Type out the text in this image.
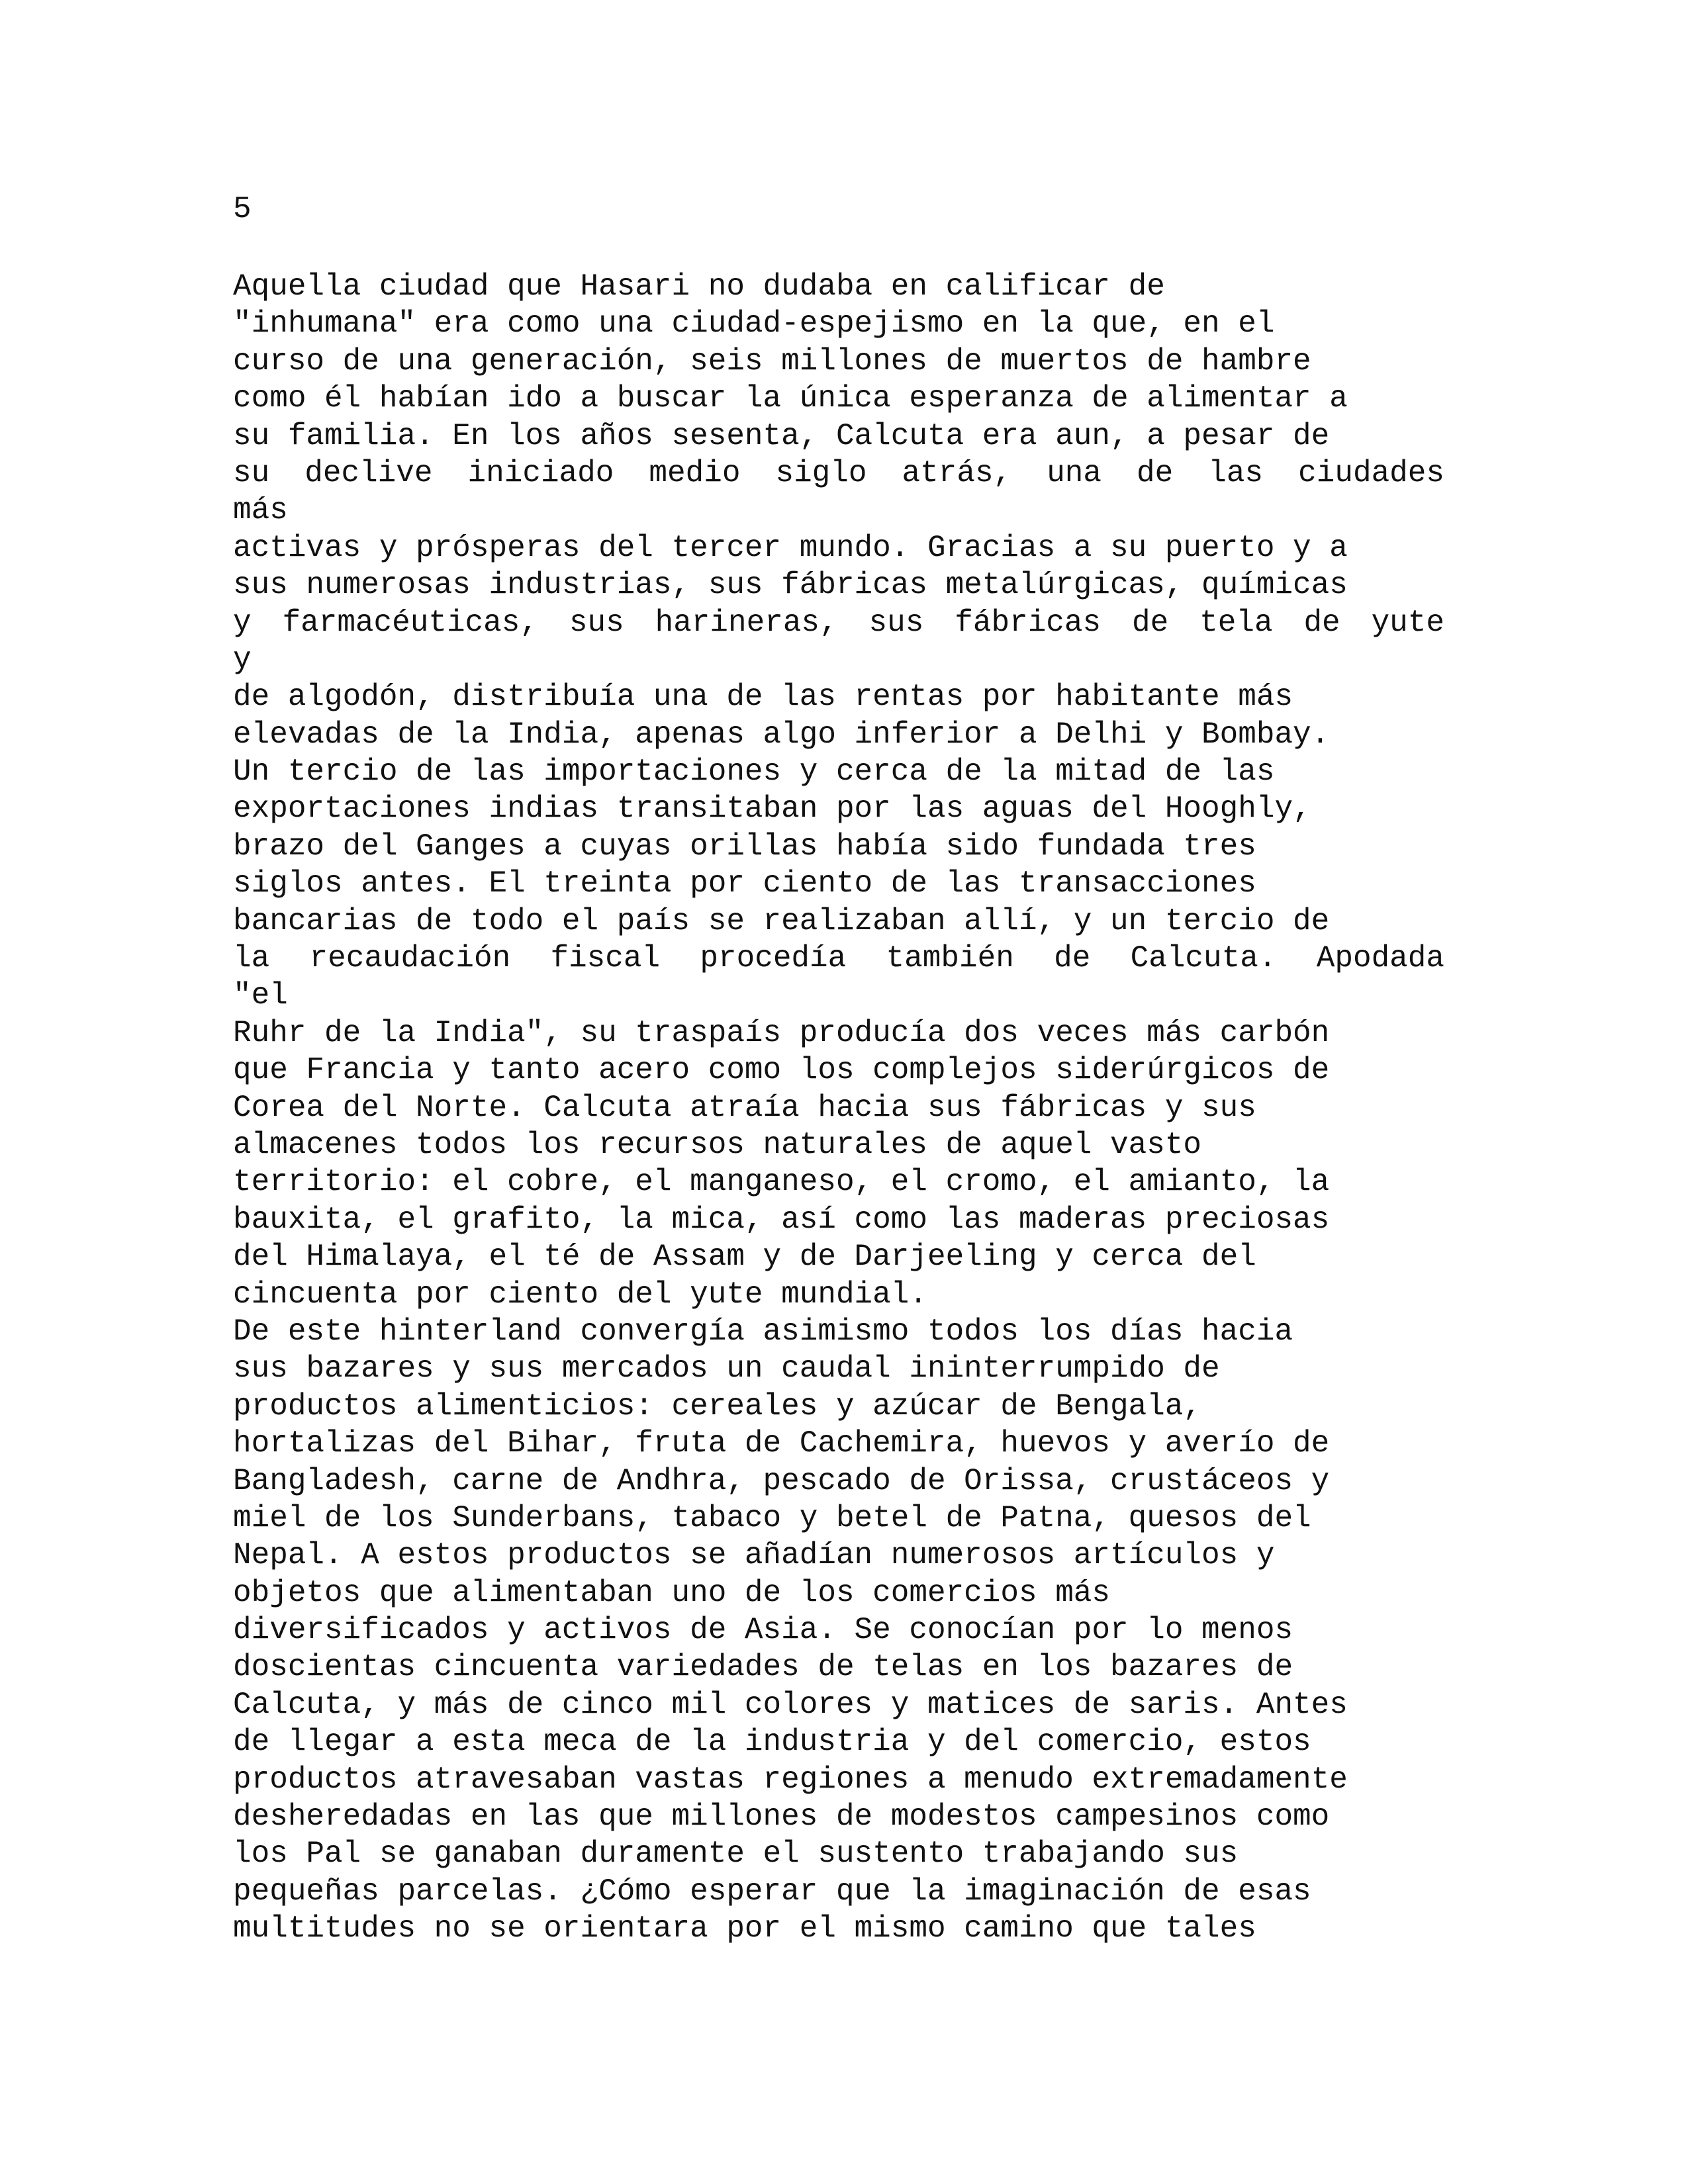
5
Aquella ciudad que Hasari no dudaba en calificar de
"inhumana" era como una ciudad-espejismo en la que, en el
curso de una generación, seis millones de muertos de hambre
como él habían ido a buscar la única esperanza de alimentar a
su familia. En los años sesenta, Calcuta era aun, a pesar de
su declive iniciado medio siglo atrás, una de las ciudades
más
activas y prósperas del tercer mundo. Gracias a su puerto y a
sus numerosas industrias, sus fábricas metalúrgicas, químicas
y farmacéuticas, sus harineras, sus fábricas de tela de yute
y
de algodón, distribuía una de las rentas por habitante más
elevadas de la India, apenas algo inferior a Delhi y Bombay.
Un tercio de las importaciones y cerca de la mitad de las
exportaciones indias transitaban por las aguas del Hooghly,
brazo del Ganges a cuyas orillas había sido fundada tres
siglos antes. El treinta por ciento de las transacciones
bancarias de todo el país se realizaban allí, y un tercio de
la recaudación fiscal procedía también de Calcuta. Apodada
"el
Ruhr de la India", su traspaís producía dos veces más carbón
que Francia y tanto acero como los complejos siderúrgicos de
Corea del Norte. Calcuta atraía hacia sus fábricas y sus
almacenes todos los recursos naturales de aquel vasto
territorio: el cobre, el manganeso, el cromo, el amianto, la
bauxita, el grafito, la mica, así como las maderas preciosas
del Himalaya, el té de Assam y de Darjeeling y cerca del
cincuenta por ciento del yute mundial.
De este hinterland convergía asimismo todos los días hacia
sus bazares y sus mercados un caudal ininterrumpido de
productos alimenticios: cereales y azúcar de Bengala,
hortalizas del Bihar, fruta de Cachemira, huevos y averío de
Bangladesh, carne de Andhra, pescado de Orissa, crustáceos y
miel de los Sunderbans, tabaco y betel de Patna, quesos del
Nepal. A estos productos se añadían numerosos artículos y
objetos que alimentaban uno de los comercios más
diversificados y activos de Asia. Se conocían por lo menos
doscientas cincuenta variedades de telas en los bazares de
Calcuta, y más de cinco mil colores y matices de saris. Antes
de llegar a esta meca de la industria y del comercio, estos
productos atravesaban vastas regiones a menudo extremadamente
desheredadas en las que millones de modestos campesinos como
los Pal se ganaban duramente el sustento trabajando sus
pequeñas parcelas. ¿Cómo esperar que la imaginación de esas
multitudes no se orientara por el mismo camino que tales
